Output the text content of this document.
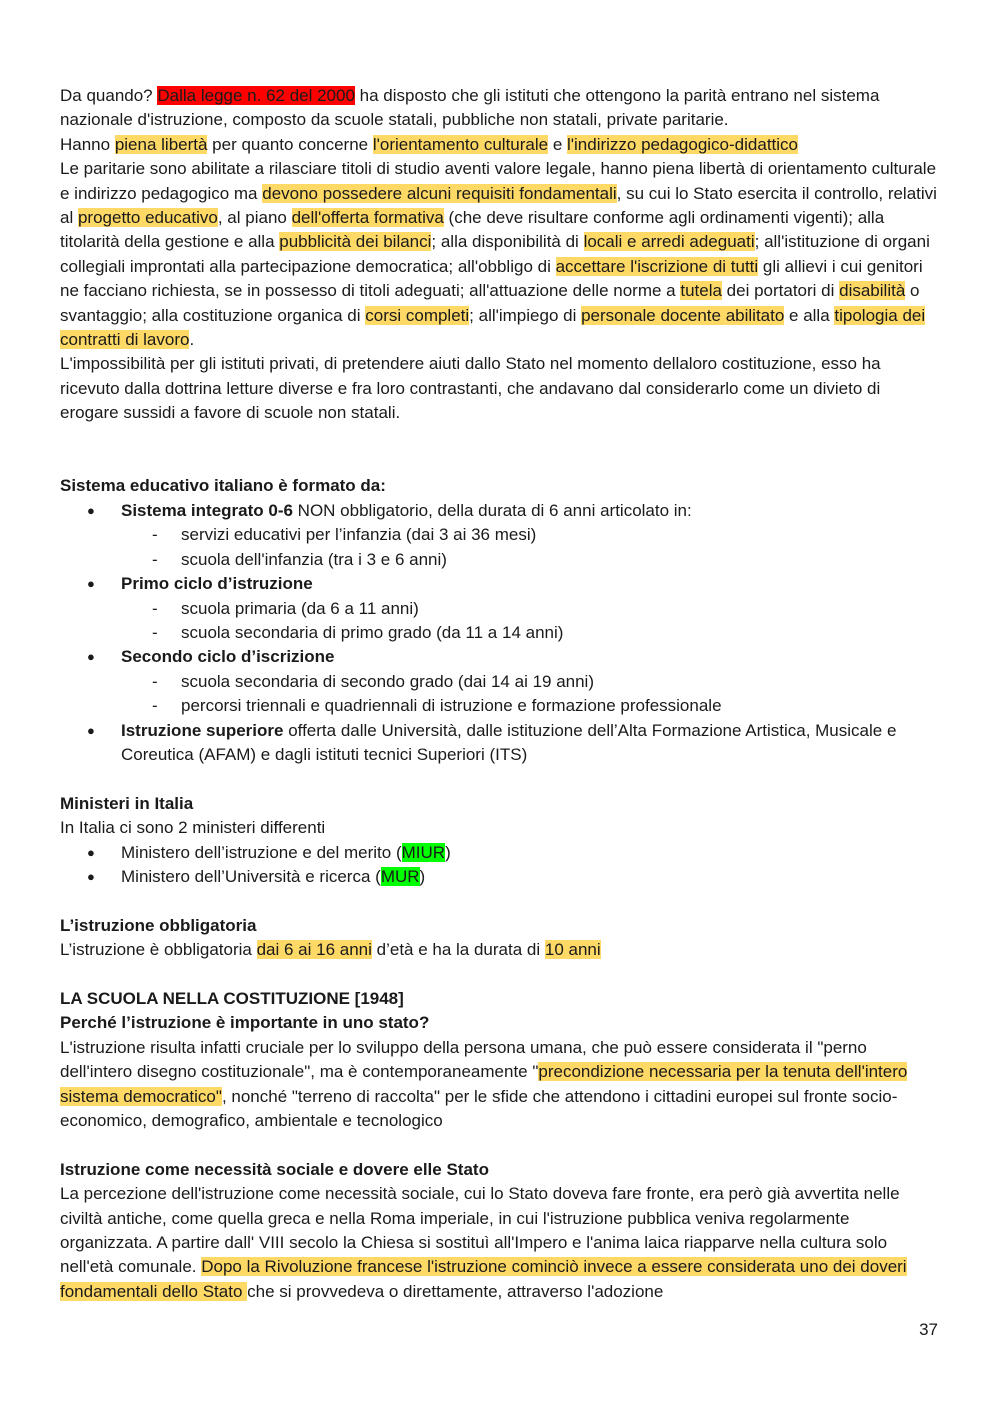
Da quando? Dalla legge n. 62 del 2000 ha disposto che gli istituti che ottengono la parità entrano nel sistema nazionale d'istruzione, composto da scuole statali, pubbliche non statali, private paritarie.

Hanno piena libertà per quanto concerne l'orientamento culturale e l'indirizzo pedagogico-didattico

Le paritarie sono abilitate a rilasciare titoli di studio aventi valore legale, hanno piena libertà di orientamento culturale e indirizzo pedagogico ma devono possedere alcuni requisiti fondamentali, su cui lo Stato esercita il controllo, relativi al progetto educativo, al piano dell'offerta formativa (che deve risultare conforme agli ordinamenti vigenti); alla titolarità della gestione e alla pubblicità dei bilanci; alla disponibilità di locali e arredi adeguati; all'istituzione di organi collegiali improntati alla partecipazione democratica; all'obbligo di accettare l'iscrizione di tutti gli allievi i cui genitori ne facciano richiesta, se in possesso di titoli adeguati; all'attuazione delle norme a tutela dei portatori di disabilità o svantaggio; alla costituzione organica di corsi completi; all'impiego di personale docente abilitato e alla tipologia dei contratti di lavoro.

L'impossibilità per gli istituti privati, di pretendere aiuti dallo Stato nel momento dellaloro costituzione, esso ha ricevuto dalla dottrina letture diverse e fra loro contrastanti, che andavano dal considerarlo come un divieto di erogare sussidi a favore di scuole non statali.

Sistema educativo italiano è formato da:

● Sistema integrato 0-6 NON obbligatorio, della durata di 6 anni articolato in:
- servizi educativi per l’infanzia (dai 3 ai 36 mesi)
- scuola dell'infanzia (tra i 3 e 6 anni)
● Primo ciclo d’istruzione
- scuola primaria (da 6 a 11 anni)
- scuola secondaria di primo grado (da 11 a 14 anni)
● Secondo ciclo d’iscrizione
- scuola secondaria di secondo grado (dai 14 ai 19 anni)
- percorsi triennali e quadriennali di istruzione e formazione professionale
● Istruzione superiore offerta dalle Università, dalle istituzione dell’Alta Formazione Artistica, Musicale e Coreutica (AFAM) e dagli istituti tecnici Superiori (ITS)

Ministeri in Italia

In Italia ci sono 2 ministeri differenti

● Ministero dell’istruzione e del merito (MIUR)
● Ministero dell’Università e ricerca (MUR)

L’istruzione obbligatoria

L’istruzione è obbligatoria dai 6 ai 16 anni d’età e ha la durata di 10 anni

LA SCUOLA NELLA COSTITUZIONE [1948]

Perché l’istruzione è importante in uno stato?

L'istruzione risulta infatti cruciale per lo sviluppo della persona umana, che può essere considerata il "perno dell'intero disegno costituzionale", ma è contemporaneamente "precondizione necessaria per la tenuta dell'intero sistema democratico", nonché "terreno di raccolta" per le sfide che attendono i cittadini europei sul fronte socio-economico, demografico, ambientale e tecnologico

Istruzione come necessità sociale e dovere elle Stato

La percezione dell'istruzione come necessità sociale, cui lo Stato doveva fare fronte, era però già avvertita nelle civiltà antiche, come quella greca e nella Roma imperiale, in cui l'istruzione pubblica veniva regolarmente organizzata. A partire dall' VIII secolo la Chiesa si sostituì all'Impero e l'anima laica riapparve nella cultura solo nell'età comunale. Dopo la Rivoluzione francese l'istruzione cominciò invece a essere considerata uno dei doveri fondamentali dello Stato che si provvedeva o direttamente, attraverso l'adozione

37
